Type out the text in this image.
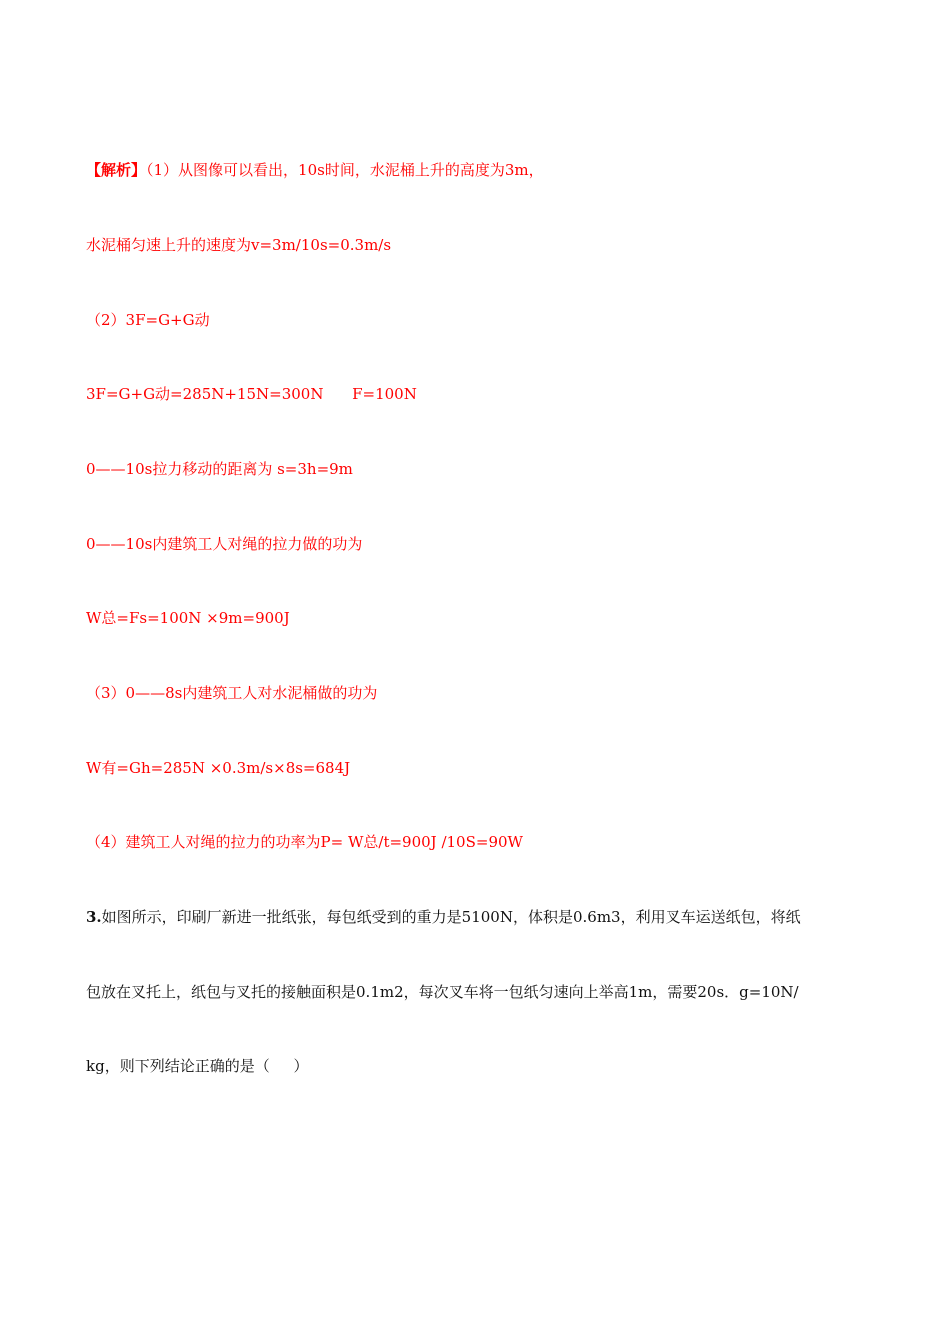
【解析】（1）从图像可以看出，10s时间，水泥桶上升的高度为3m，
水泥桶匀速上升的速度为v=3m/10s=0.3m/s
（2）3F=G+G动
3F=G+G动=285N+15N=300N      F=100N
0——10s拉力移动的距离为 s=3h=9m
0——10s内建筑工人对绳的拉力做的功为
W总=Fs=100N ×9m=900J
（3）0——8s内建筑工人对水泥桶做的功为
W有=Gh=285N ×0.3m/s×8s=684J
（4）建筑工人对绳的拉力的功率为P= W总/t=900J /10S=90W
3.如图所示，印刷厂新进一批纸张，每包纸受到的重力是5100N，体积是0.6m3，利用叉车运送纸包，将纸
包放在叉托上，纸包与叉托的接触面积是0.1m2，每次叉车将一包纸匀速向上举高1m，需要20s．g=10N/
kg，则下列结论正确的是（     ）
